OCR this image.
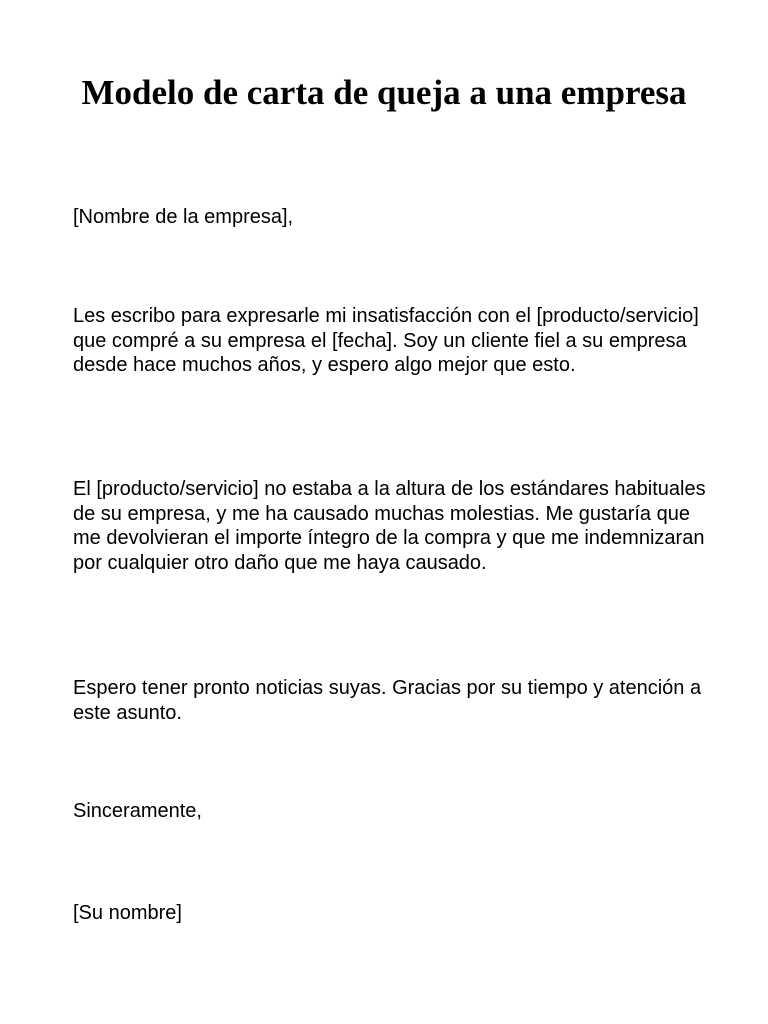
Modelo de carta de queja a una empresa

[Nombre de la empresa],

Les escribo para expresarle mi insatisfacción con el [producto/servicio] que compré a su empresa el [fecha]. Soy un cliente fiel a su empresa desde hace muchos años, y espero algo mejor que esto.

El [producto/servicio] no estaba a la altura de los estándares habituales de su empresa, y me ha causado muchas molestias. Me gustaría que me devolvieran el importe íntegro de la compra y que me indemnizaran por cualquier otro daño que me haya causado.

Espero tener pronto noticias suyas. Gracias por su tiempo y atención a este asunto.

Sinceramente,

[Su nombre]
